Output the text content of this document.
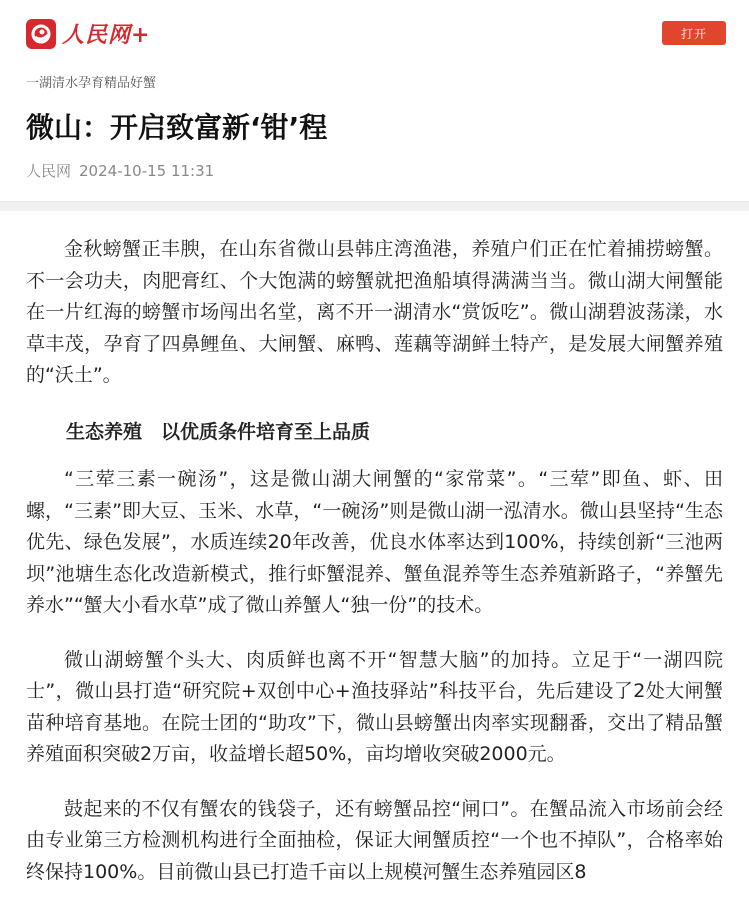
人民网+	打开
一湖清水孕育精品好蟹
微山：开启致富新‘钳’程
人民网 2024-10-15 11:31

金秋螃蟹正丰腴，在山东省微山县韩庄湾渔港，养殖户们正在忙着捕捞螃蟹。不一会功夫，肉肥膏红、个大饱满的螃蟹就把渔船填得满满当当。微山湖大闸蟹能在一片红海的螃蟹市场闯出名堂，离不开一湖清水“赏饭吃”。微山湖碧波荡漾，水草丰茂，孕育了四鼻鲤鱼、大闸蟹、麻鸭、莲藕等湖鲜土特产，是发展大闸蟹养殖的“沃土”。

生态养殖　以优质条件培育至上品质

“三荤三素一碗汤”，这是微山湖大闸蟹的“家常菜”。“三荤”即鱼、虾、田螺，“三素”即大豆、玉米、水草，“一碗汤”则是微山湖一泓清水。微山县坚持“生态优先、绿色发展”，水质连续20年改善，优良水体率达到100%，持续创新“三池两坝”池塘生态化改造新模式，推行虾蟹混养、蟹鱼混养等生态养殖新路子，“养蟹先养水”“蟹大小看水草”成了微山养蟹人“独一份”的技术。

微山湖螃蟹个头大、肉质鲜也离不开“智慧大脑”的加持。立足于“一湖四院士”，微山县打造“研究院+双创中心+渔技驿站”科技平台，先后建设了2处大闸蟹苗种培育基地。在院士团的“助攻”下，微山县螃蟹出肉率实现翻番，交出了精品蟹养殖面积突破2万亩，收益增长超50%，亩均增收突破2000元。

鼓起来的不仅有蟹农的钱袋子，还有螃蟹品控“闸口”。在蟹品流入市场前会经由专业第三方检测机构进行全面抽检，保证大闸蟹质控“一个也不掉队”，合格率始终保持100%。目前微山县已打造千亩以上规模河蟹生态养殖园区8
